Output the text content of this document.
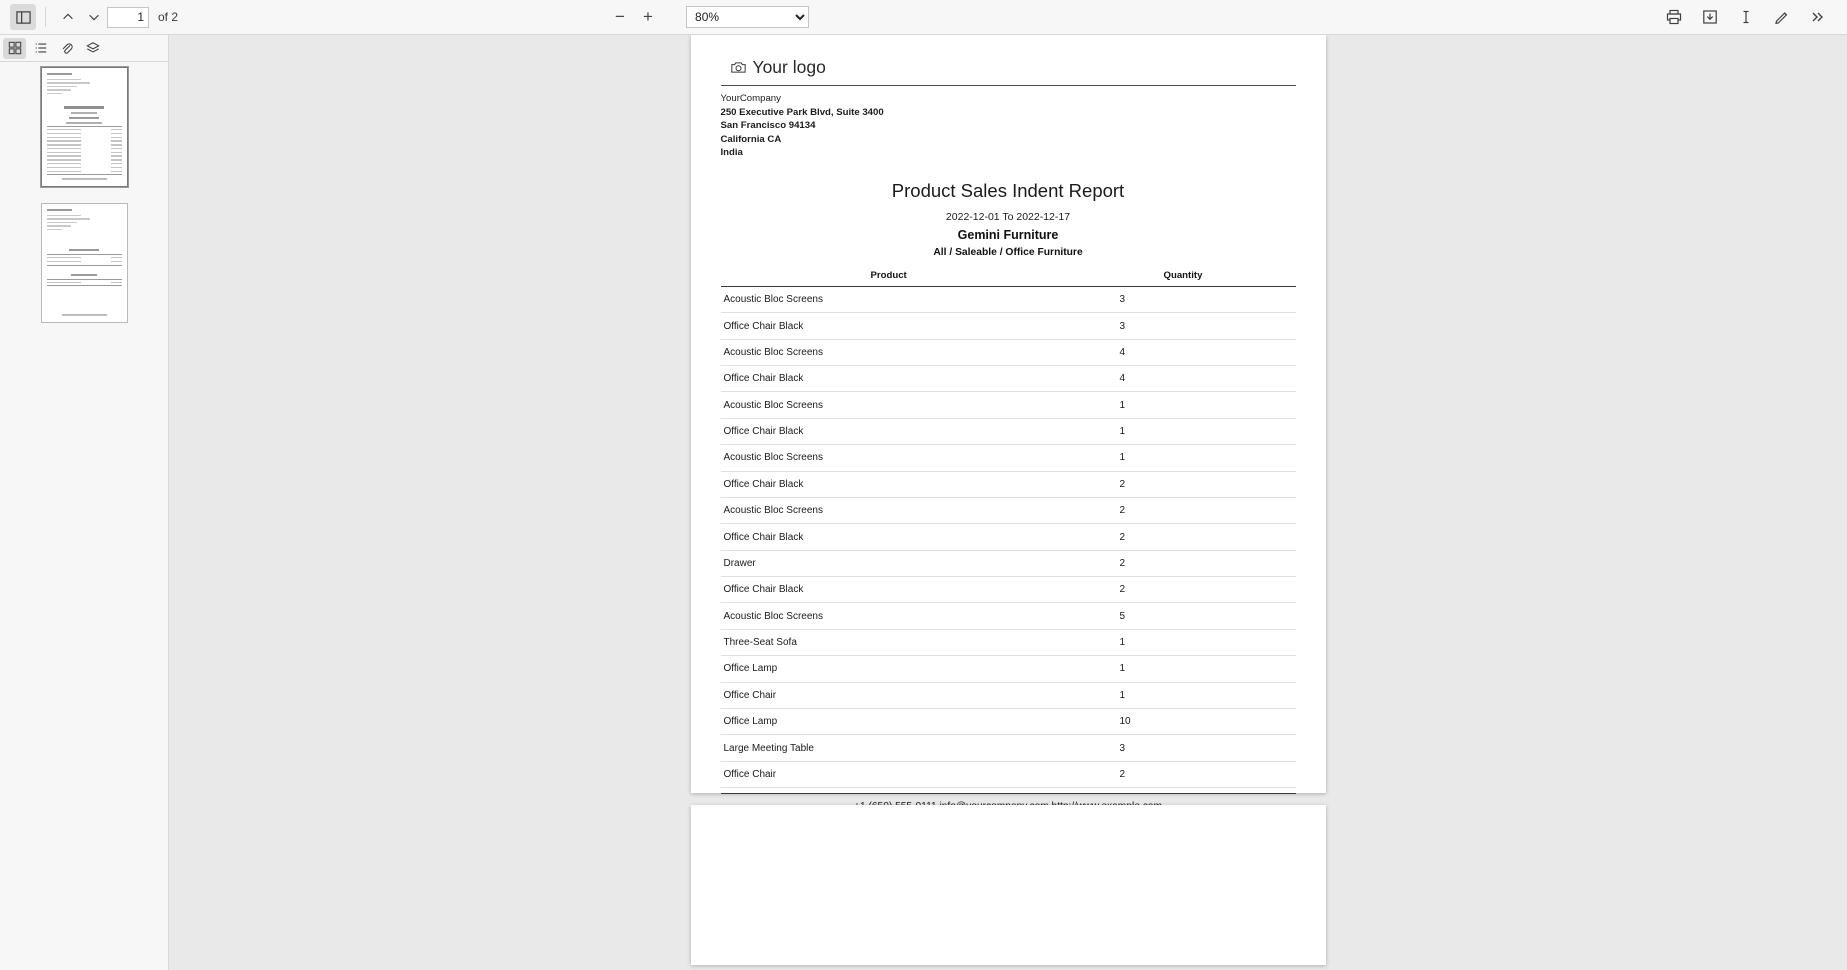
1
of 2	−	+
80%
Your logo
YourCompany
250 Executive Park Blvd, Suite 3400
San Francisco 94134
California CA
India
Product Sales Indent Report
2022-12-01 To 2022-12-17
Gemini Furniture
All / Saleable / Office Furniture
Product	Quantity
Acoustic Bloc Screens	3
Office Chair Black	3
Acoustic Bloc Screens	4
Office Chair Black	4
Acoustic Bloc Screens	1
Office Chair Black	1
Acoustic Bloc Screens	1
Office Chair Black	2
Acoustic Bloc Screens	2
Office Chair Black	2
Drawer	2
Office Chair Black	2
Acoustic Bloc Screens	5
Three-Seat Sofa	1
Office Lamp	1
Office Chair	1
Office Lamp	10
Large Meeting Table	3
Office Chair	2
